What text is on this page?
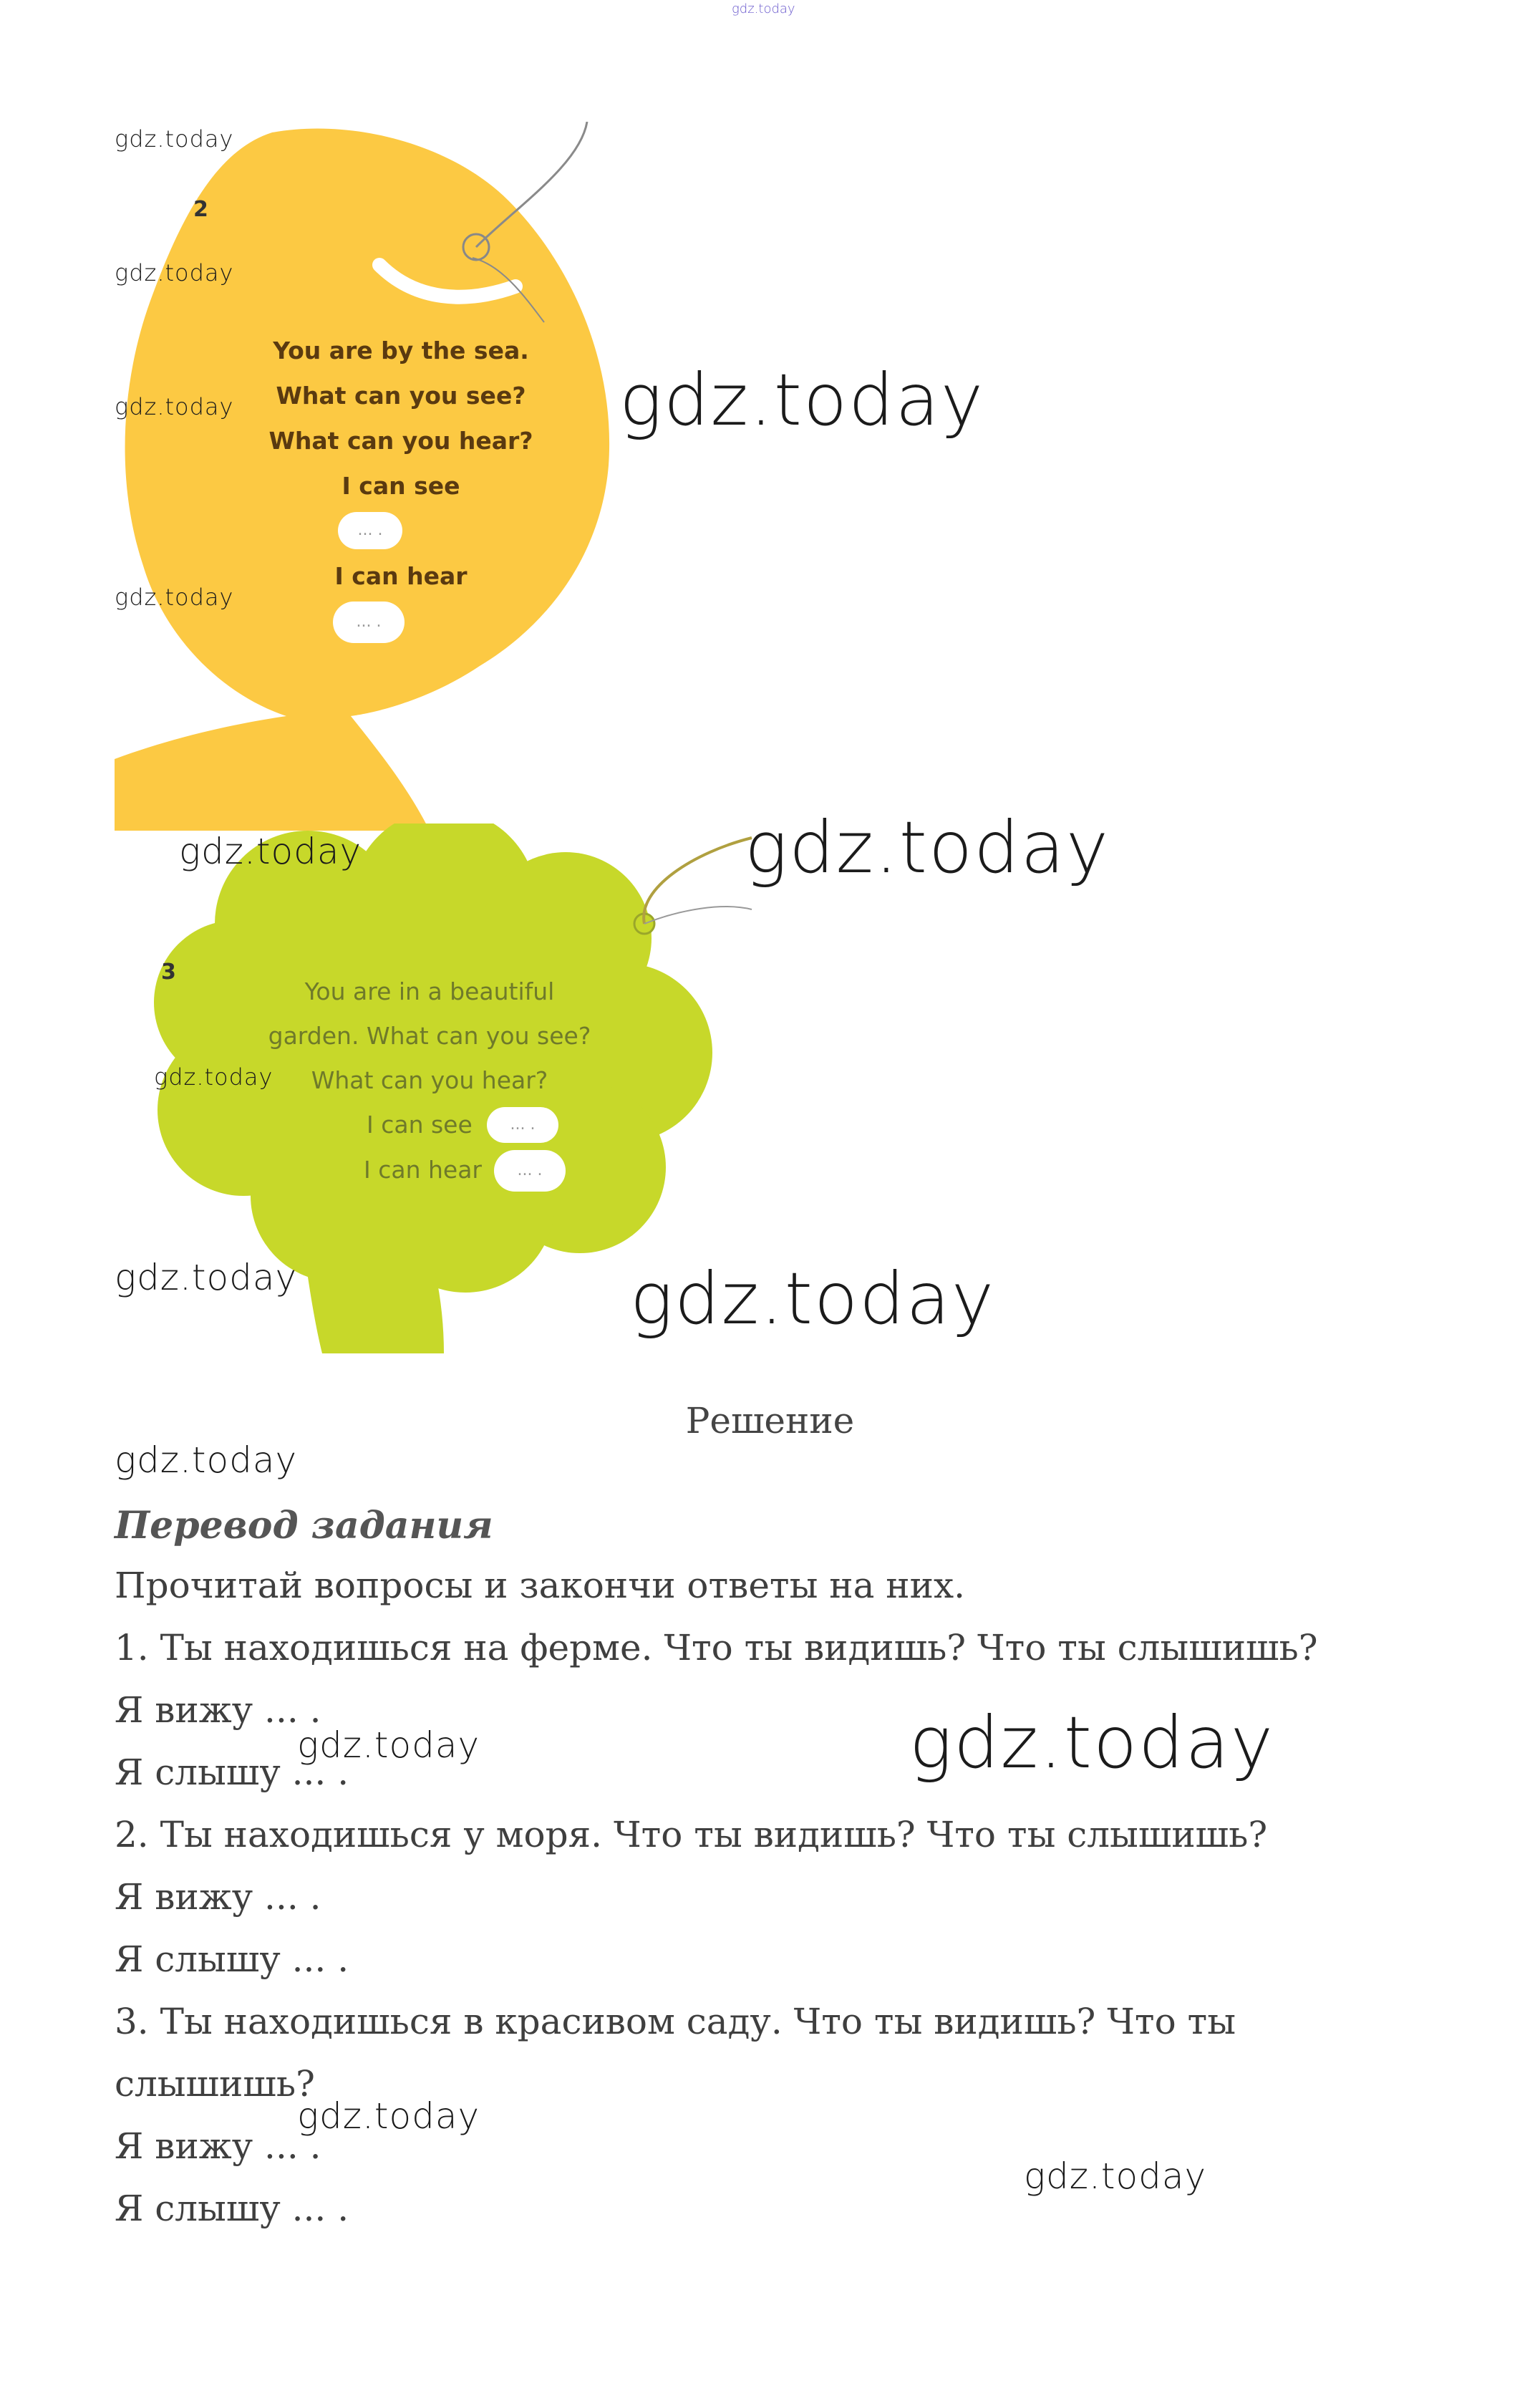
gdz.today
2
You are by the sea.
What can you see?
What can you hear?
I can see
... .
I can hear
... .
3
You are in a beautiful
garden. What can you see?
What can you hear?
I can see	... .
I can hear	... .
Решение
Перевод задания
Прочитай вопросы и закончи ответы на них.
1. Ты находишься на ферме. Что ты видишь? Что ты слышишь?
Я вижу ... .
Я слышу ... .
2. Ты находишься у моря. Что ты видишь? Что ты слышишь?
Я вижу ... .
Я слышу ... .
3. Ты находишься в красивом саду. Что ты видишь? Что ты
слышишь?
Я вижу ... .
Я слышу ... .
gdz.today
gdz.today
gdz.today
gdz.today
gdz.today
gdz.today	gdz.today
gdz.today
gdz.today	gdz.today
gdz.today
gdz.today
gdz.today
gdz.today
gdz.today
